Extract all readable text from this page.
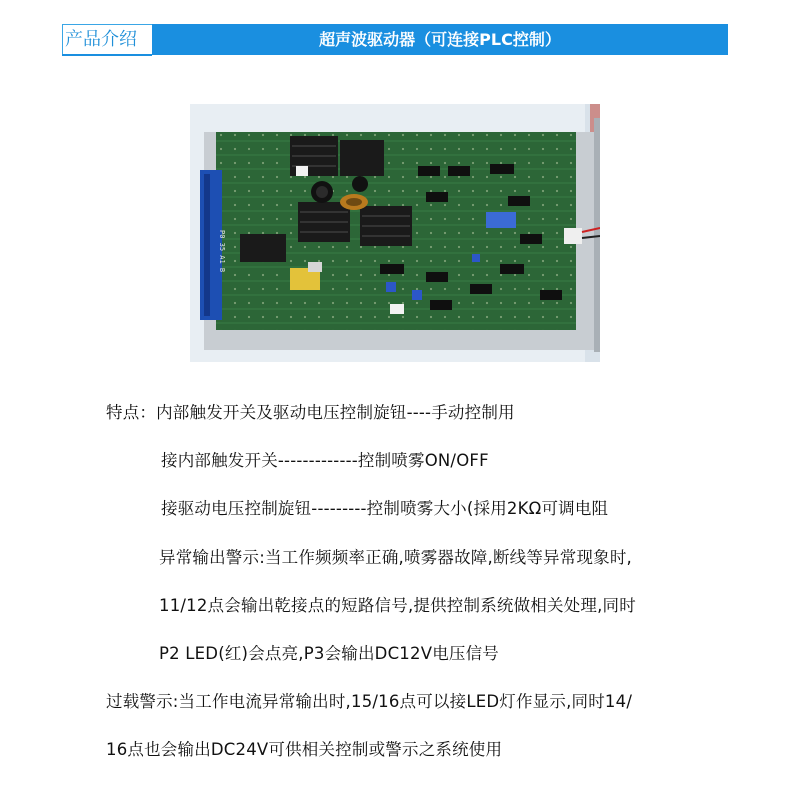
产品介绍	超声波驱动器（可连接PLC控制）
P0 35 A1 B
特点：内部触发开关及驱动电压控制旋钮----手动控制用
接内部触发开关-------------控制喷雾ON/OFF
接驱动电压控制旋钮---------控制喷雾大小(採用2KΩ可调电阻
异常输出警示:当工作频频率正确,喷雾器故障,断线等异常现象时,
11/12点会输出乾接点的短路信号,提供控制系统做相关处理,同时
P2 LED(红)会点亮,P3会输出DC12V电压信号
过载警示:当工作电流异常输出时,15/16点可以接LED灯作显示,同时14/
16点也会输出DC24V可供相关控制或警示之系统使用
